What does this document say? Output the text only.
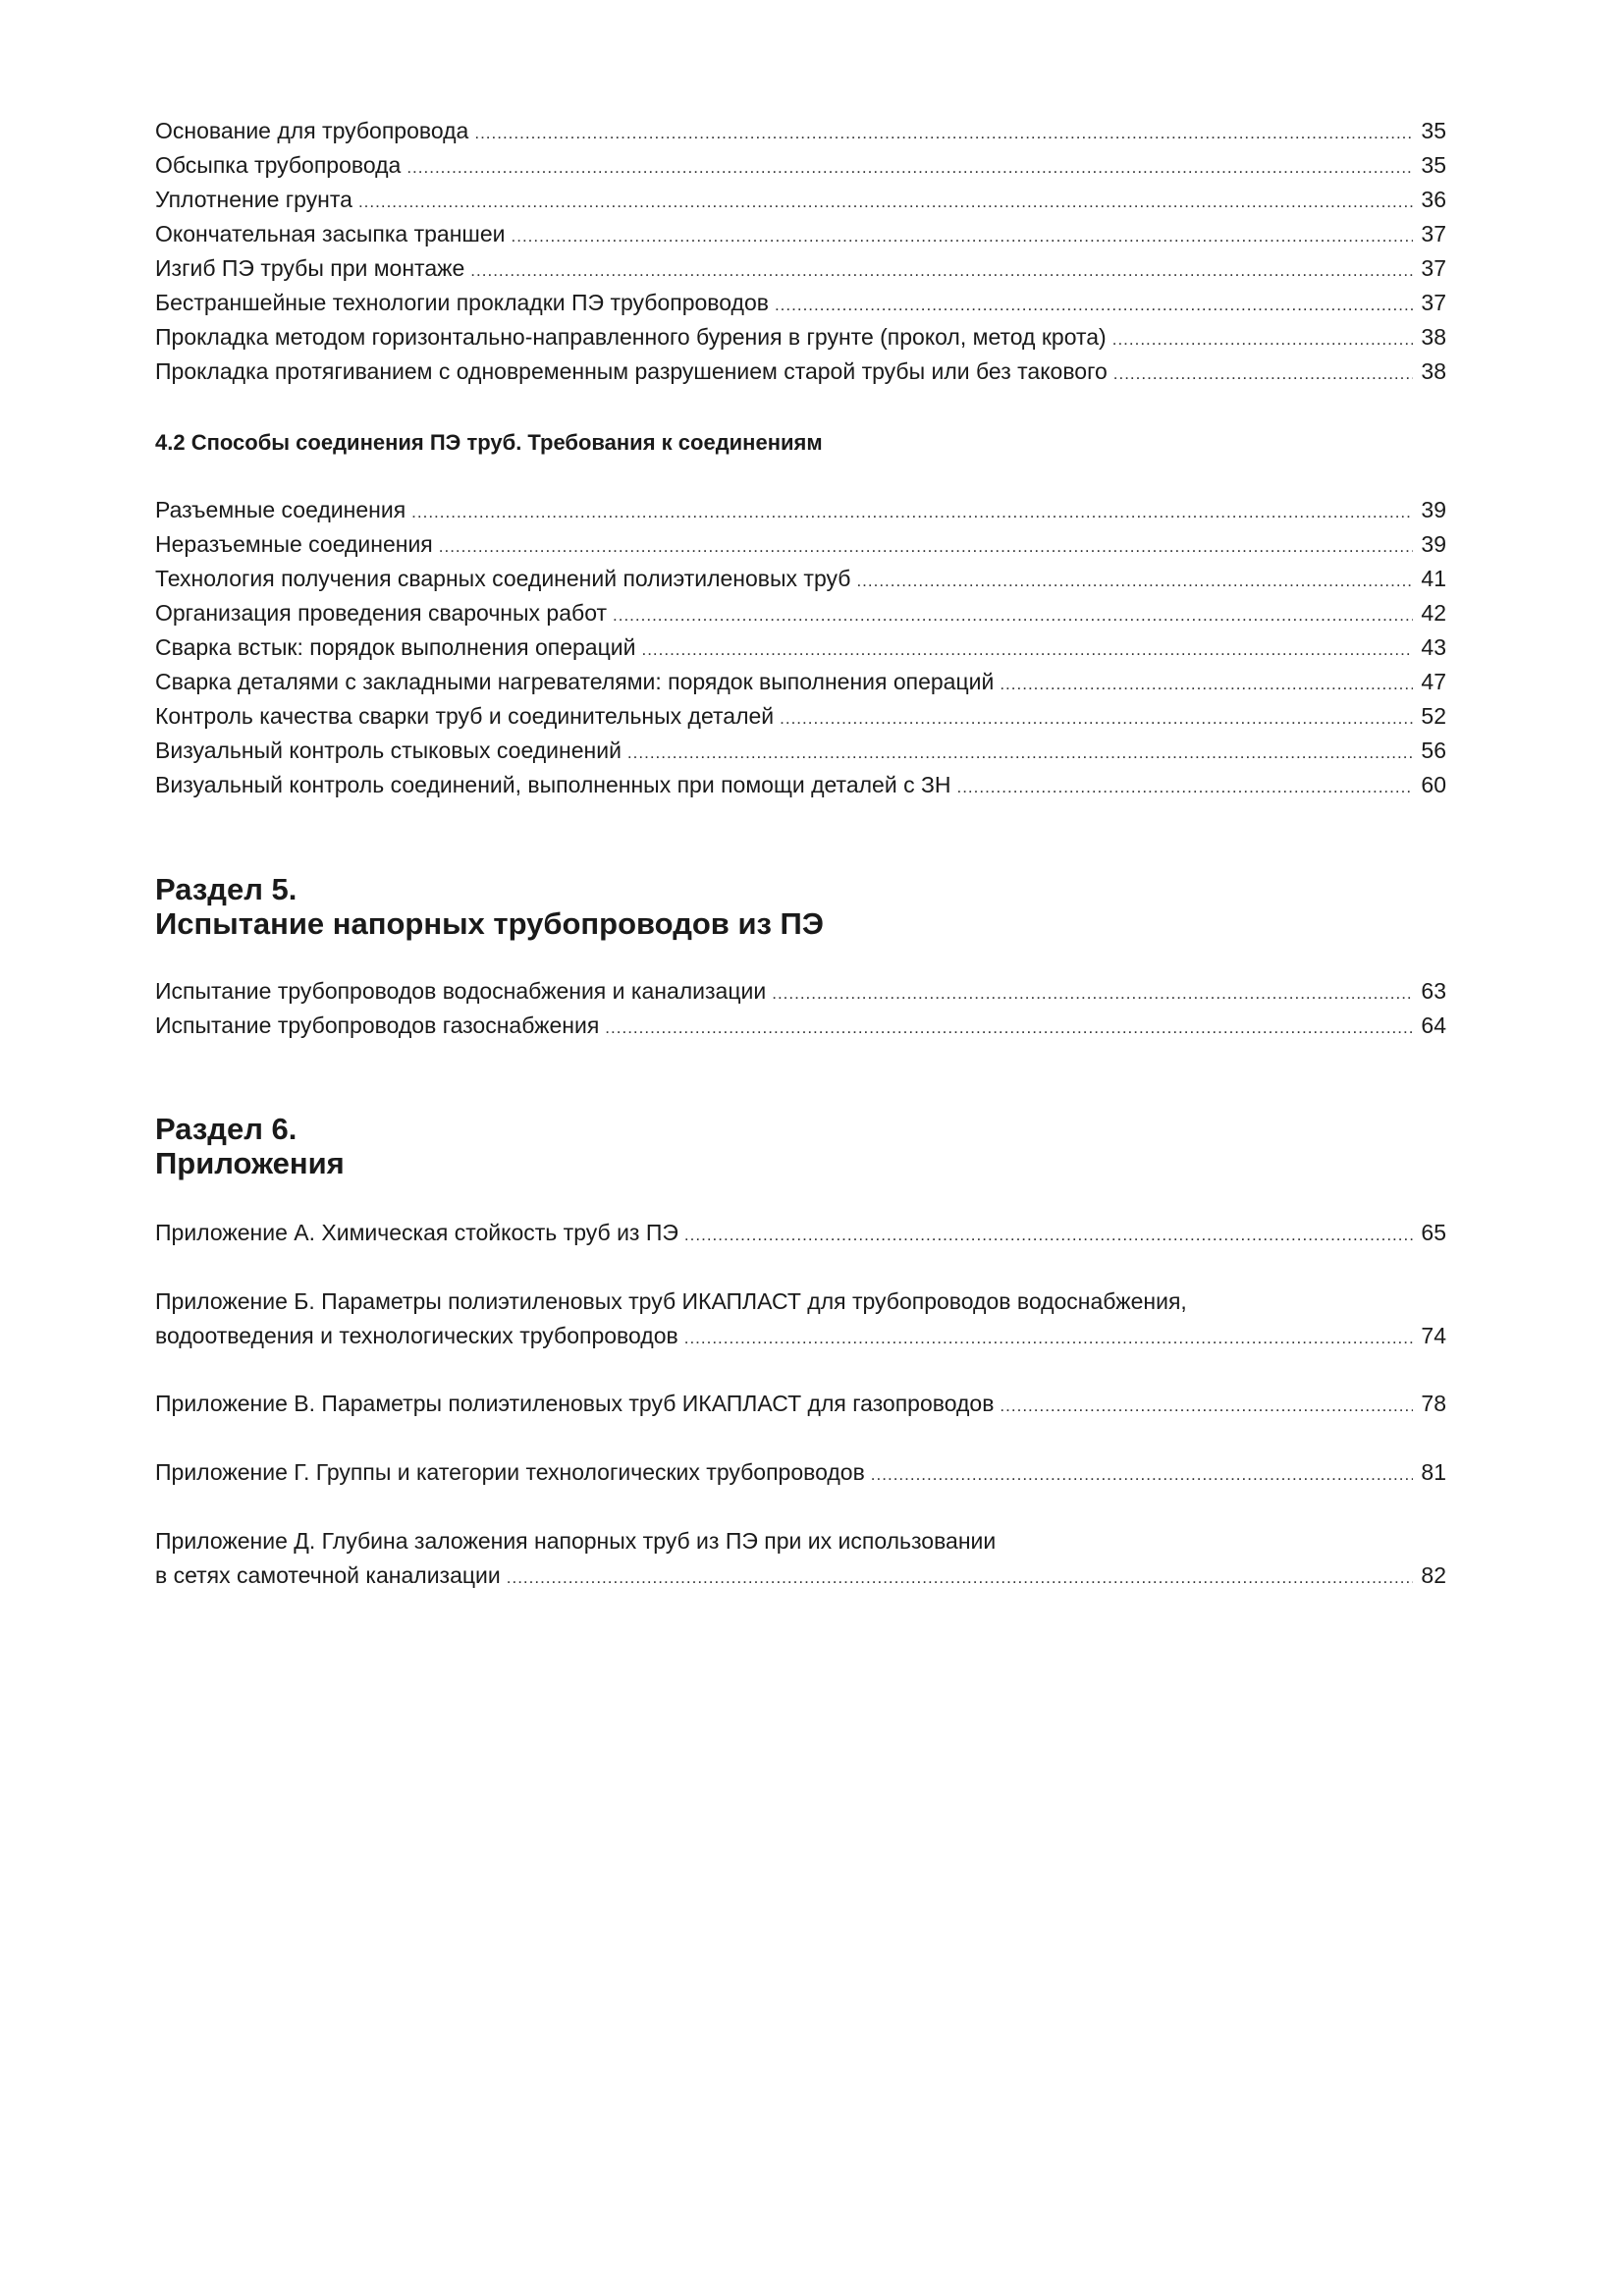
Основание для трубопровода .....	35
Обсыпка трубопровода .....	35
Уплотнение грунта .....	36
Окончательная засыпка траншеи .....	37
Изгиб ПЭ трубы при монтаже .....	37
Бестраншейные технологии прокладки ПЭ трубопроводов .....	37
Прокладка методом горизонтально-направленного бурения в грунте (прокол, метод крота) .....	38
Прокладка протягиванием с одновременным разрушением старой трубы или без такового .....	38
4.2 Способы соединения ПЭ труб. Требования к соединениям
Разъемные соединения .....	39
Неразъемные соединения .....	39
Технология получения сварных соединений полиэтиленовых труб .....	41
Организация проведения сварочных работ .....	42
Сварка встык: порядок выполнения операций .....	43
Сварка деталями с закладными нагревателями: порядок выполнения операций .....	47
Контроль качества сварки труб и соединительных деталей .....	52
Визуальный контроль стыковых соединений .....	56
Визуальный контроль соединений, выполненных при помощи деталей с ЗН .....	60
Раздел 5.
Испытание напорных трубопроводов из ПЭ
Испытание трубопроводов водоснабжения и канализации .....	63
Испытание трубопроводов газоснабжения .....	64
Раздел 6.
Приложения
Приложение А. Химическая стойкость труб из ПЭ .....	65
Приложение Б. Параметры полиэтиленовых труб ИКАПЛАСТ для трубопроводов водоснабжения,
водоотведения и технологических трубопроводов .....	74
Приложение В. Параметры полиэтиленовых труб ИКАПЛАСТ для газопроводов .....	78
Приложение Г. Группы и категории технологических трубопроводов .....	81
Приложение Д. Глубина заложения напорных труб из ПЭ при их использовании
в сетях самотечной канализации .....	82
